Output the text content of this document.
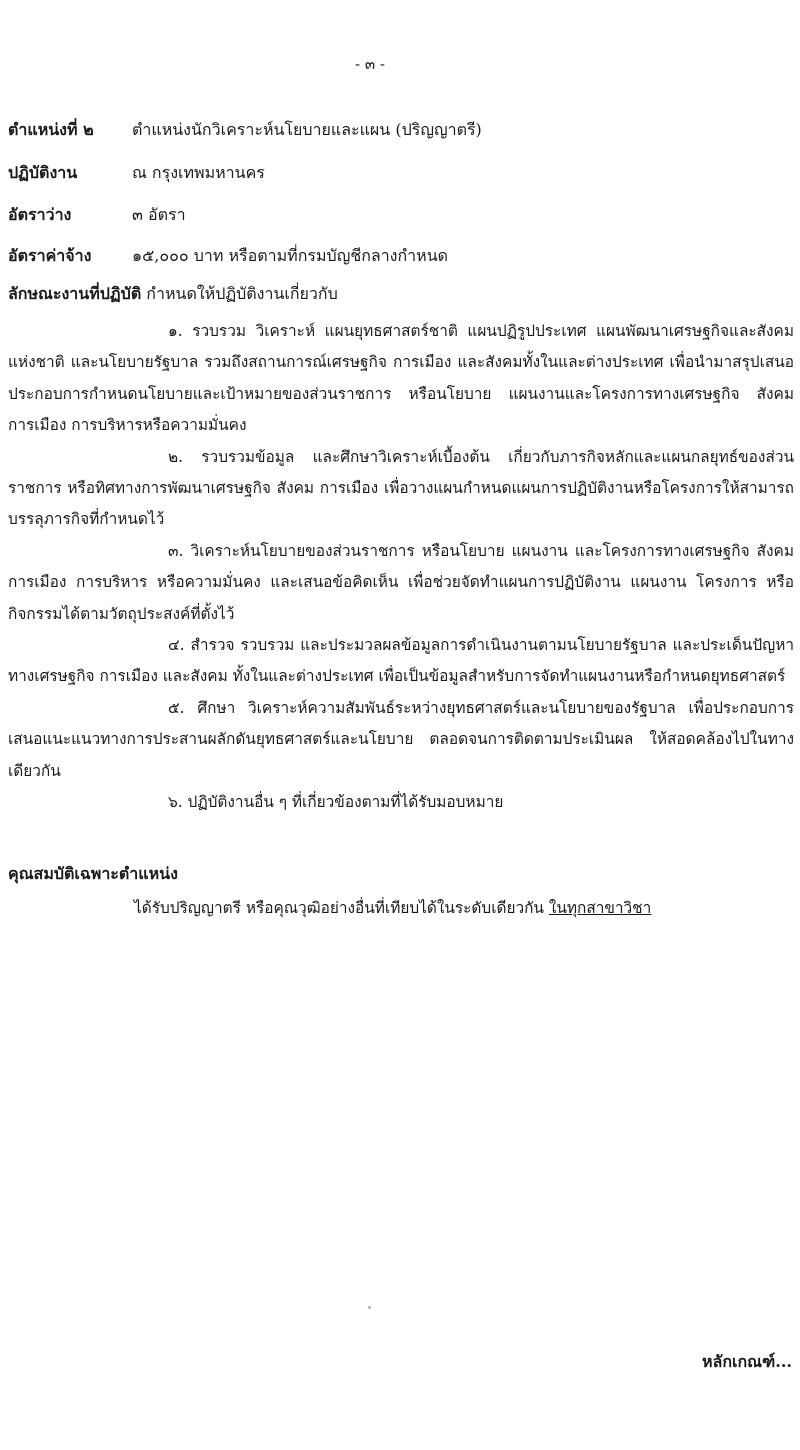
- ๓ -
ตำแหน่งที่ ๒ ตำแหน่งนักวิเคราะห์นโยบายและแผน (ปริญญาตรี)
ปฏิบัติงาน	ณ กรุงเทพมหานคร
อัตราว่าง	๓ อัตรา
อัตราค่าจ้าง	๑๕,๐๐๐ บาท หรือตามที่กรมบัญชีกลางกำหนด
ลักษณะงานที่ปฏิบัติ กำหนดให้ปฏิบัติงานเกี่ยวกับ

๑. รวบรวม วิเคราะห์ แผนยุทธศาสตร์ชาติ แผนปฏิรูปประเทศ แผนพัฒนาเศรษฐกิจและสังคมแห่งชาติ และนโยบายรัฐบาล รวมถึงสถานการณ์เศรษฐกิจ การเมือง และสังคมทั้งในและต่างประเทศ เพื่อนำมาสรุปเสนอประกอบการกำหนดนโยบายและเป้าหมายของส่วนราชการ หรือนโยบาย แผนงานและโครงการทางเศรษฐกิจ สังคม การเมือง การบริหารหรือความมั่นคง

๒. รวบรวมข้อมูล และศึกษาวิเคราะห์เบื้องต้น เกี่ยวกับภารกิจหลักและแผนกลยุทธ์ของส่วนราชการ หรือทิศทางการพัฒนาเศรษฐกิจ สังคม การเมือง เพื่อวางแผนกำหนดแผนการปฏิบัติงานหรือโครงการให้สามารถบรรลุภารกิจที่กำหนดไว้

๓. วิเคราะห์นโยบายของส่วนราชการ หรือนโยบาย แผนงาน และโครงการทางเศรษฐกิจ สังคม การเมือง การบริหาร หรือความมั่นคง และเสนอข้อคิดเห็น เพื่อช่วยจัดทำแผนการปฏิบัติงาน แผนงาน โครงการ หรือกิจกรรมได้ตามวัตถุประสงค์ที่ตั้งไว้

๔. สำรวจ รวบรวม และประมวลผลข้อมูลการดำเนินงานตามนโยบายรัฐบาล และประเด็นปัญหาทางเศรษฐกิจ การเมือง และสังคม ทั้งในและต่างประเทศ เพื่อเป็นข้อมูลสำหรับการจัดทำแผนงานหรือกำหนดยุทธศาสตร์

๕. ศึกษา วิเคราะห์ความสัมพันธ์ระหว่างยุทธศาสตร์และนโยบายของรัฐบาล เพื่อประกอบการเสนอแนะแนวทางการประสานผลักดันยุทธศาสตร์และนโยบาย ตลอดจนการติดตามประเมินผล ให้สอดคล้องไปในทางเดียวกัน

๖. ปฏิบัติงานอื่น ๆ ที่เกี่ยวข้องตามที่ได้รับมอบหมาย

คุณสมบัติเฉพาะตำแหน่ง
ได้รับปริญญาตรี หรือคุณวุฒิอย่างอื่นที่เทียบได้ในระดับเดียวกัน ในทุกสาขาวิชา
หลักเกณฑ์...
